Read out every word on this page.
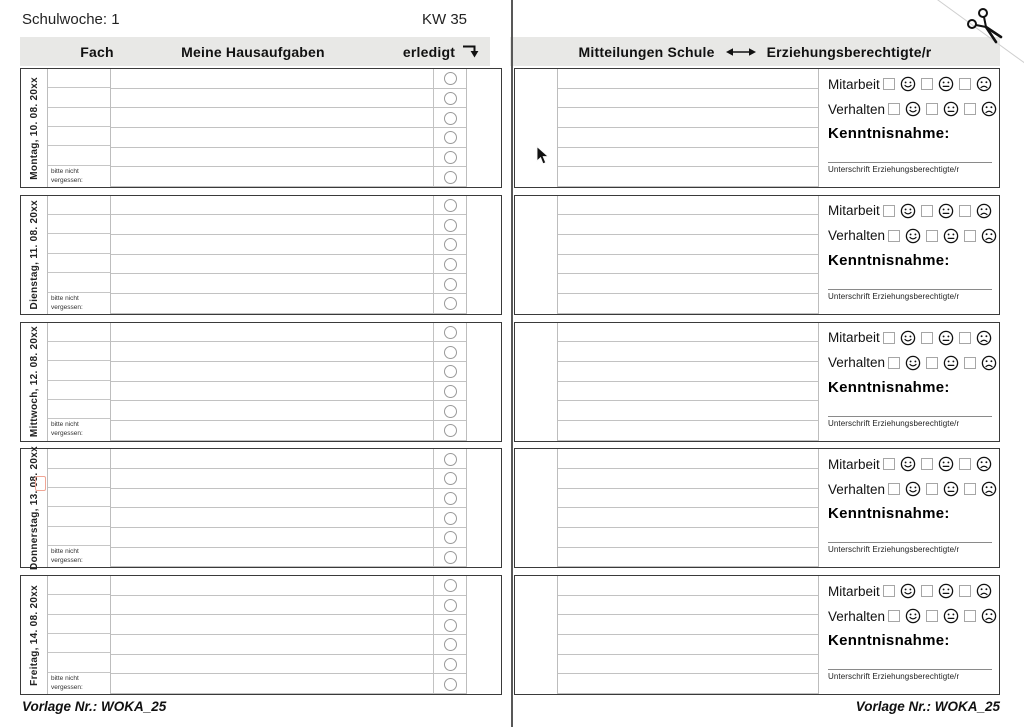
Schulwoche: 1	KW 35
Fach	Meine Hausaufgaben	erledigt	Mitteilungen Schule	Erziehungsberechtigte/r
Montag, 10. 08. 20xx bitte nicht
vergessen:
Mitarbeit
Verhalten
Kenntnisnahme:
Unterschrift Erziehungsberechtigte/r
Dienstag, 11. 08. 20xx bitte nicht
vergessen:
Mitarbeit
Verhalten
Kenntnisnahme:
Unterschrift Erziehungsberechtigte/r
Mittwoch, 12. 08. 20xx bitte nicht
vergessen:
Mitarbeit
Verhalten
Kenntnisnahme:
Unterschrift Erziehungsberechtigte/r
Donnerstag, 13. 08. 20xx bitte nicht
vergessen:
Mitarbeit
Verhalten
Kenntnisnahme:
Unterschrift Erziehungsberechtigte/r
Freitag, 14. 08. 20xx bitte nicht
vergessen:
Mitarbeit
Verhalten
Kenntnisnahme:
Unterschrift Erziehungsberechtigte/r
Vorlage Nr.: WOKA_25	Vorlage Nr.: WOKA_25
